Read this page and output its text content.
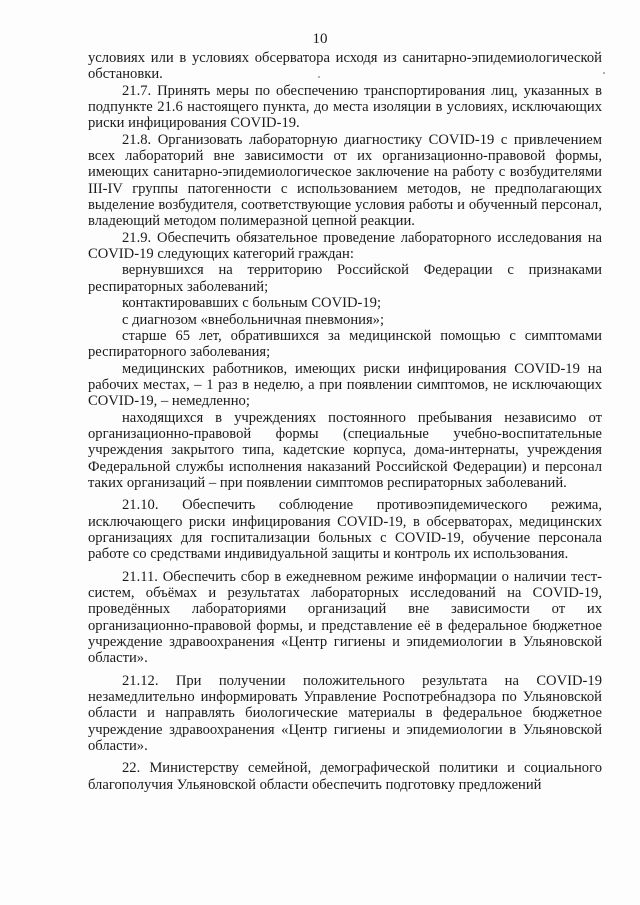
10

условиях или в условиях обсерватора исходя из санитарно-эпидемиологической обстановки.

21.7. Принять меры по обеспечению транспортирования лиц, указанных в подпункте 21.6 настоящего пункта, до места изоляции в условиях, исключающих риски инфицирования COVID-19.

21.8. Организовать лабораторную диагностику COVID-19 с привлечением всех лабораторий вне зависимости от их организационно-правовой формы, имеющих санитарно-эпидемиологическое заключение на работу с возбудителями III-IV группы патогенности с использованием методов, не предполагающих выделение возбудителя, соответствующие условия работы и обученный персонал, владеющий методом полимеразной цепной реакции.

21.9. Обеспечить обязательное проведение лабораторного исследования на COVID-19 следующих категорий граждан:

вернувшихся на территорию Российской Федерации с признаками респираторных заболеваний;

контактировавших с больным COVID-19;

с диагнозом «внебольничная пневмония»;

старше 65 лет, обратившихся за медицинской помощью с симптомами респираторного заболевания;

медицинских работников, имеющих риски инфицирования COVID-19 на рабочих местах, – 1 раз в неделю, а при появлении симптомов, не исключающих COVID-19, – немедленно;

находящихся в учреждениях постоянного пребывания независимо от организационно-правовой формы (специальные учебно-воспитательные учреждения закрытого типа, кадетские корпуса, дома-интернаты, учреждения Федеральной службы исполнения наказаний Российской Федерации) и персонал таких организаций – при появлении симптомов респираторных заболеваний.

21.10. Обеспечить соблюдение противоэпидемического режима, исключающего риски инфицирования COVID-19, в обсерваторах, медицинских организациях для госпитализации больных с COVID-19, обучение персонала работе со средствами индивидуальной защиты и контроль их использования.

21.11. Обеспечить сбор в ежедневном режиме информации о наличии тест-систем, объёмах и результатах лабораторных исследований на COVID-19, проведённых лабораториями организаций вне зависимости от их организационно-правовой формы, и представление её в федеральное бюджетное учреждение здравоохранения «Центр гигиены и эпидемиологии в Ульяновской области».

21.12. При получении положительного результата на COVID-19 незамедлительно информировать Управление Роспотребнадзора по Ульяновской области и направлять биологические материалы в федеральное бюджетное учреждение здравоохранения «Центр гигиены и эпидемиологии в Ульяновской области».

22. Министерству семейной, демографической политики и социального благополучия Ульяновской области обеспечить подготовку предложений
